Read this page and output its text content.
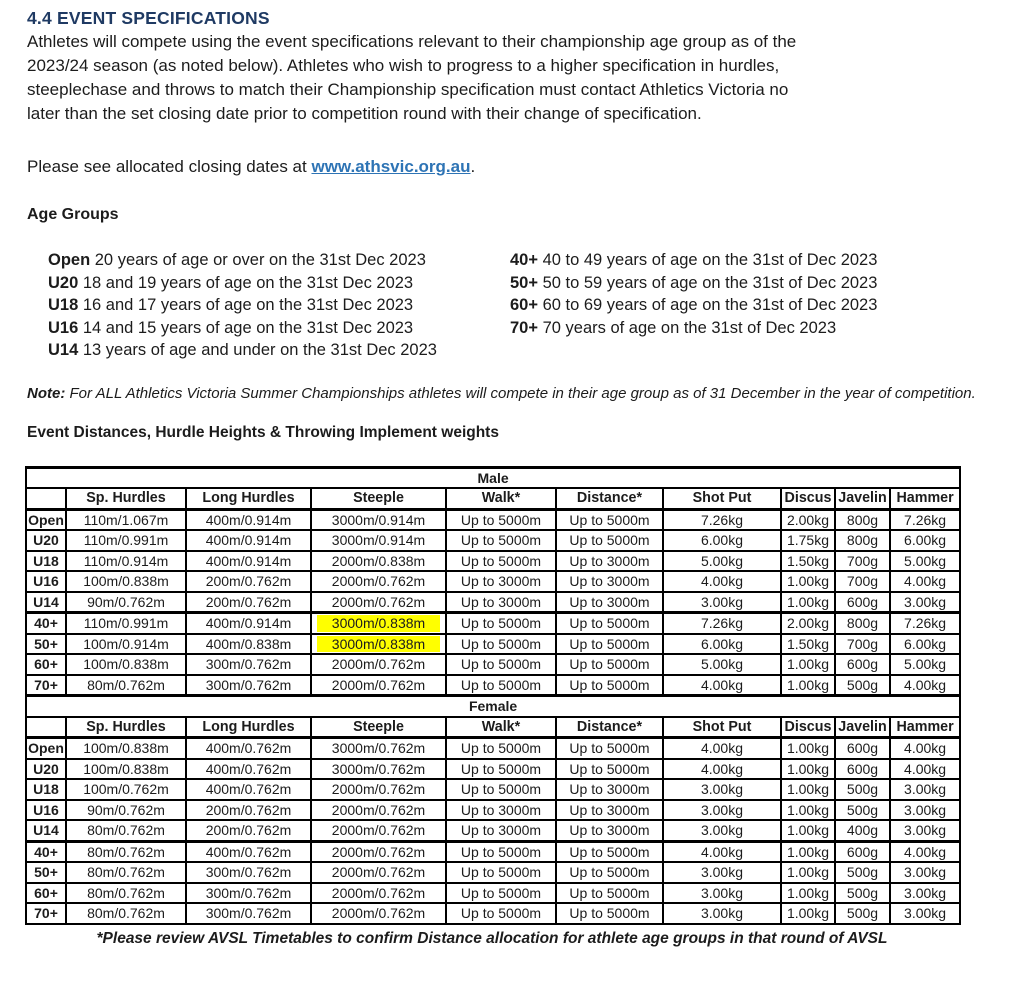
4.4 EVENT SPECIFICATIONS
Athletes will compete using the event specifications relevant to their championship age group as of the
2023/24 season (as noted below). Athletes who wish to progress to a higher specification in hurdles,
steeplechase and throws to match their Championship specification must contact Athletics Victoria no
later than the set closing date prior to competition round with their change of specification.
Please see allocated closing dates at www.athsvic.org.au.
Age Groups
Open 20 years of age or over on the 31st Dec 2023
U20 18 and 19 years of age on the 31st Dec 2023
U18 16 and 17 years of age on the 31st Dec 2023
U16 14 and 15 years of age on the 31st Dec 2023
U14 13 years of age and under on the 31st Dec 2023
40+ 40 to 49 years of age on the 31st of Dec 2023
50+ 50 to 59 years of age on the 31st of Dec 2023
60+ 60 to 69 years of age on the 31st of Dec 2023
70+ 70 years of age on the 31st of Dec 2023
Note: For ALL Athletics Victoria Summer Championships athletes will compete in their age group as of 31 December in the year of competition.
Event Distances, Hurdle Heights & Throwing Implement weights
Male									
	Sp. Hurdles	Long Hurdles	Steeple	Walk*	Distance*	Shot Put	Discus	Javelin	Hammer
Open	110m/1.067m	400m/0.914m	3000m/0.914m	Up to 5000m	Up to 5000m	7.26kg	2.00kg	800g	7.26kg
U20	110m/0.991m	400m/0.914m	3000m/0.914m	Up to 5000m	Up to 5000m	6.00kg	1.75kg	800g	6.00kg
U18	110m/0.914m	400m/0.914m	2000m/0.838m	Up to 5000m	Up to 3000m	5.00kg	1.50kg	700g	5.00kg
U16	100m/0.838m	200m/0.762m	2000m/0.762m	Up to 3000m	Up to 3000m	4.00kg	1.00kg	700g	4.00kg
U14	90m/0.762m	200m/0.762m	2000m/0.762m	Up to 3000m	Up to 3000m	3.00kg	1.00kg	600g	3.00kg
40+	110m/0.991m	400m/0.914m	3000m/0.838m	Up to 5000m	Up to 5000m	7.26kg	2.00kg	800g	7.26kg
50+	100m/0.914m	400m/0.838m	3000m/0.838m	Up to 5000m	Up to 5000m	6.00kg	1.50kg	700g	6.00kg
60+	100m/0.838m	300m/0.762m	2000m/0.762m	Up to 5000m	Up to 5000m	5.00kg	1.00kg	600g	5.00kg
70+	80m/0.762m	300m/0.762m	2000m/0.762m	Up to 5000m	Up to 5000m	4.00kg	1.00kg	500g	4.00kg
Female									
	Sp. Hurdles	Long Hurdles	Steeple	Walk*	Distance*	Shot Put	Discus	Javelin	Hammer
Open	100m/0.838m	400m/0.762m	3000m/0.762m	Up to 5000m	Up to 5000m	4.00kg	1.00kg	600g	4.00kg
U20	100m/0.838m	400m/0.762m	3000m/0.762m	Up to 5000m	Up to 5000m	4.00kg	1.00kg	600g	4.00kg
U18	100m/0.762m	400m/0.762m	2000m/0.762m	Up to 5000m	Up to 3000m	3.00kg	1.00kg	500g	3.00kg
U16	90m/0.762m	200m/0.762m	2000m/0.762m	Up to 3000m	Up to 3000m	3.00kg	1.00kg	500g	3.00kg
U14	80m/0.762m	200m/0.762m	2000m/0.762m	Up to 3000m	Up to 3000m	3.00kg	1.00kg	400g	3.00kg
40+	80m/0.762m	400m/0.762m	2000m/0.762m	Up to 5000m	Up to 5000m	4.00kg	1.00kg	600g	4.00kg
50+	80m/0.762m	300m/0.762m	2000m/0.762m	Up to 5000m	Up to 5000m	3.00kg	1.00kg	500g	3.00kg
60+	80m/0.762m	300m/0.762m	2000m/0.762m	Up to 5000m	Up to 5000m	3.00kg	1.00kg	500g	3.00kg
70+	80m/0.762m	300m/0.762m	2000m/0.762m	Up to 5000m	Up to 5000m	3.00kg	1.00kg	500g	3.00kg
*Please review AVSL Timetables to confirm Distance allocation for athlete age groups in that round of AVSL
